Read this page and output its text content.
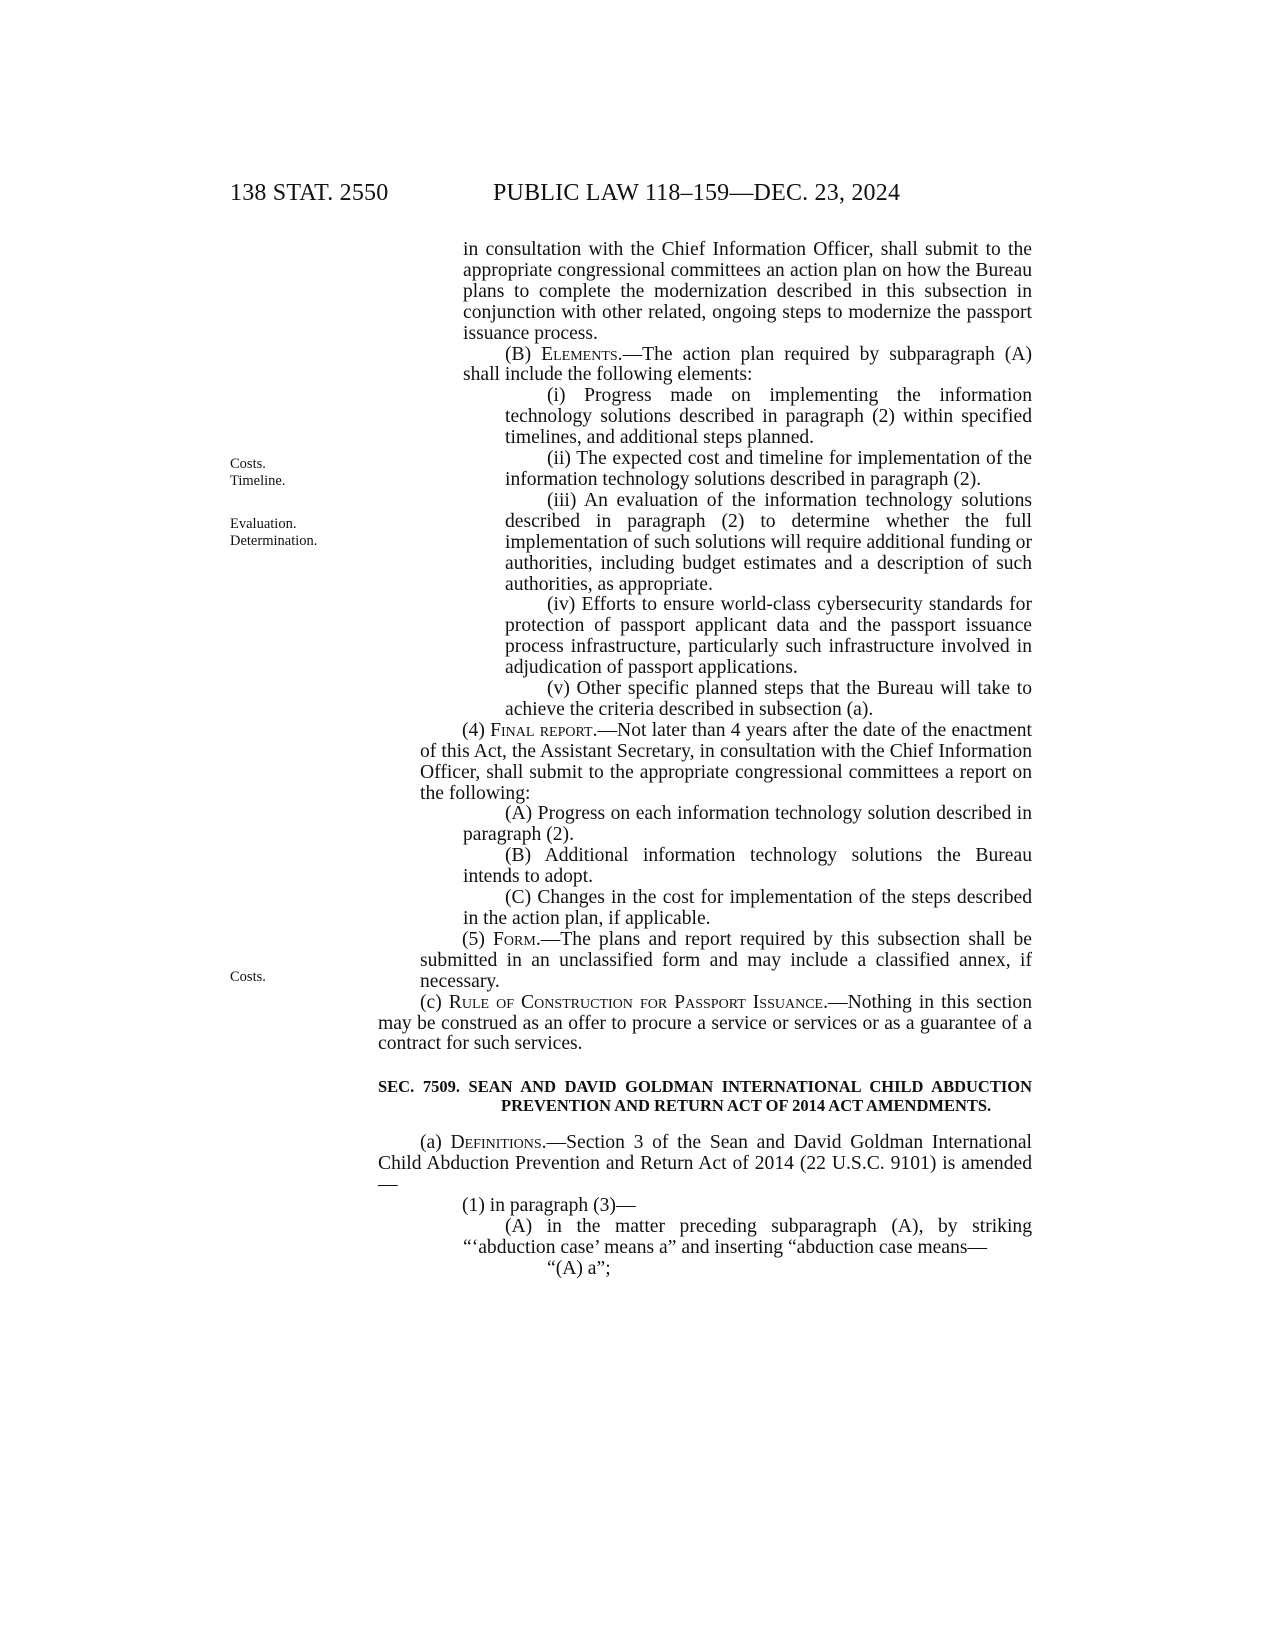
138 STAT. 2550	PUBLIC LAW 118–159—DEC. 23, 2024
Costs.
Timeline.
Evaluation.
Determination.
Costs.

in consultation with the Chief Information Officer, shall submit to the appropriate congressional committees an action plan on how the Bureau plans to complete the modernization described in this subsection in conjunction with other related, ongoing steps to modernize the passport issuance process.

(B) Elements.—The action plan required by subparagraph (A) shall include the following elements:

(i) Progress made on implementing the information technology solutions described in paragraph (2) within specified timelines, and additional steps planned.

(ii) The expected cost and timeline for implementation of the information technology solutions described in paragraph (2).

(iii) An evaluation of the information technology solutions described in paragraph (2) to determine whether the full implementation of such solutions will require additional funding or authorities, including budget estimates and a description of such authorities, as appropriate.

(iv) Efforts to ensure world-class cybersecurity standards for protection of passport applicant data and the passport issuance process infrastructure, particularly such infrastructure involved in adjudication of passport applications.

(v) Other specific planned steps that the Bureau will take to achieve the criteria described in subsection (a).

(4) Final report.—Not later than 4 years after the date of the enactment of this Act, the Assistant Secretary, in consultation with the Chief Information Officer, shall submit to the appropriate congressional committees a report on the following:

(A) Progress on each information technology solution described in paragraph (2).

(B) Additional information technology solutions the Bureau intends to adopt.

(C) Changes in the cost for implementation of the steps described in the action plan, if applicable.

(5) Form.—The plans and report required by this subsection shall be submitted in an unclassified form and may include a classified annex, if necessary.

(c) Rule of Construction for Passport Issuance.—Nothing in this section may be construed as an offer to procure a service or services or as a guarantee of a contract for such services.

SEC. 7509. SEAN AND DAVID GOLDMAN INTERNATIONAL CHILD ABDUCTION PREVENTION AND RETURN ACT OF 2014 ACT AMENDMENTS.

(a) Definitions.—Section 3 of the Sean and David Goldman International Child Abduction Prevention and Return Act of 2014 (22 U.S.C. 9101) is amended—

(1) in paragraph (3)—

(A) in the matter preceding subparagraph (A), by striking “‘abduction case’ means a” and inserting “abduction case means—

“(A) a”;
